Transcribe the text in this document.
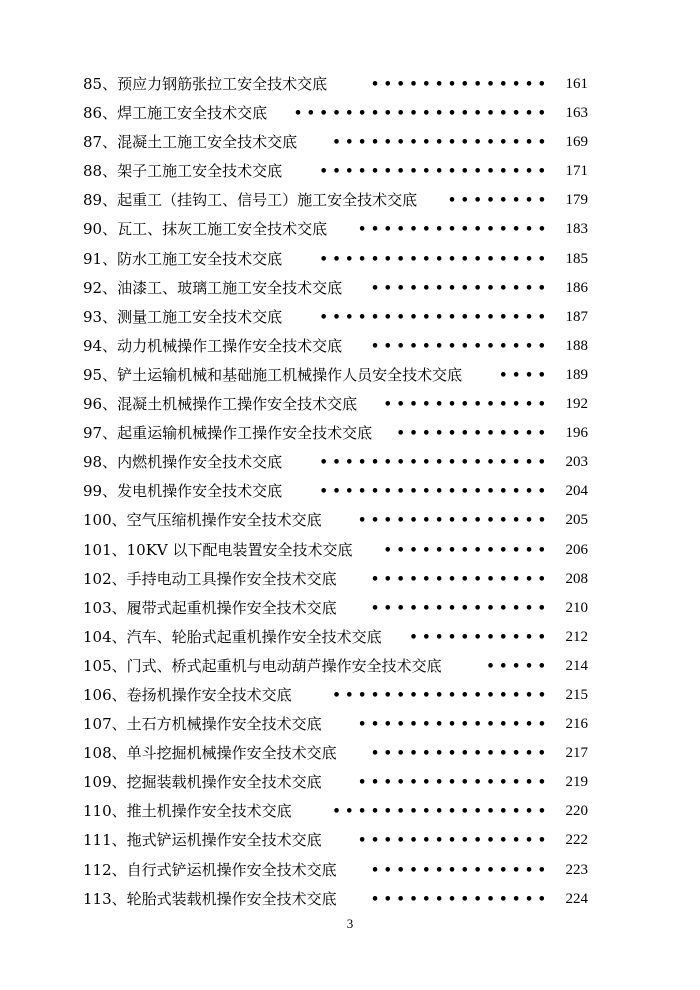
85、预应力钢筋张拉工安全技术交底	• • • • • • • • • • • • • •	161
86、焊工施工安全技术交底 • • • • • • • • • • • • • • • • • • • •	163
87、混凝土工施工安全技术交底	• • • • • • • • • • • • • • • • •	169
88、架子工施工安全技术交底	• • • • • • • • • • • • • • • • • •	171
89、起重工（挂钩工、信号工）施工安全技术交底 • • • • • • • •	179
90、瓦工、抹灰工施工安全技术交底 • • • • • • • • • • • • • • •	183
91、防水工施工安全技术交底	• • • • • • • • • • • • • • • • • •	185
92、油漆工、玻璃工施工安全技术交底 • • • • • • • • • • • • • •	186
93、测量工施工安全技术交底	• • • • • • • • • • • • • • • • • •	187
94、动力机械操作工操作安全技术交底 • • • • • • • • • • • • • •	188
95、铲土运输机械和基础施工机械操作人员安全技术交底	• • • •	189
96、混凝土机械操作工操作安全技术交底 • • • • • • • • • • • • •	192
97、起重运输机械操作工操作安全技术交底 • • • • • • • • • • • •	196
98、内燃机操作安全技术交底	• • • • • • • • • • • • • • • • • •	203
99、发电机操作安全技术交底	• • • • • • • • • • • • • • • • • •	204
100、空气压缩机操作安全技术交底	• • • • • • • • • • • • • • •	205
101、10KV 以下配电装置安全技术交底 • • • • • • • • • • • • •	206
102、手持电动工具操作安全技术交底	• • • • • • • • • • • • • •	208
103、履带式起重机操作安全技术交底	• • • • • • • • • • • • • •	210
104、汽车、轮胎式起重机操作安全技术交底 • • • • • • • • • • •	212
105、门式、桥式起重机与电动葫芦操作安全技术交底	• • • • •	214
106、卷扬机操作安全技术交底	• • • • • • • • • • • • • • • • •	215
107、土石方机械操作安全技术交底	• • • • • • • • • • • • • • •	216
108、单斗挖掘机械操作安全技术交底	• • • • • • • • • • • • • •	217
109、挖掘装载机操作安全技术交底	• • • • • • • • • • • • • • •	219
110、推土机操作安全技术交底	• • • • • • • • • • • • • • • • •	220
111、拖式铲运机操作安全技术交底	• • • • • • • • • • • • • • •	222
112、自行式铲运机操作安全技术交底	• • • • • • • • • • • • • •	223
113、轮胎式装载机操作安全技术交底	• • • • • • • • • • • • • •	224
3
